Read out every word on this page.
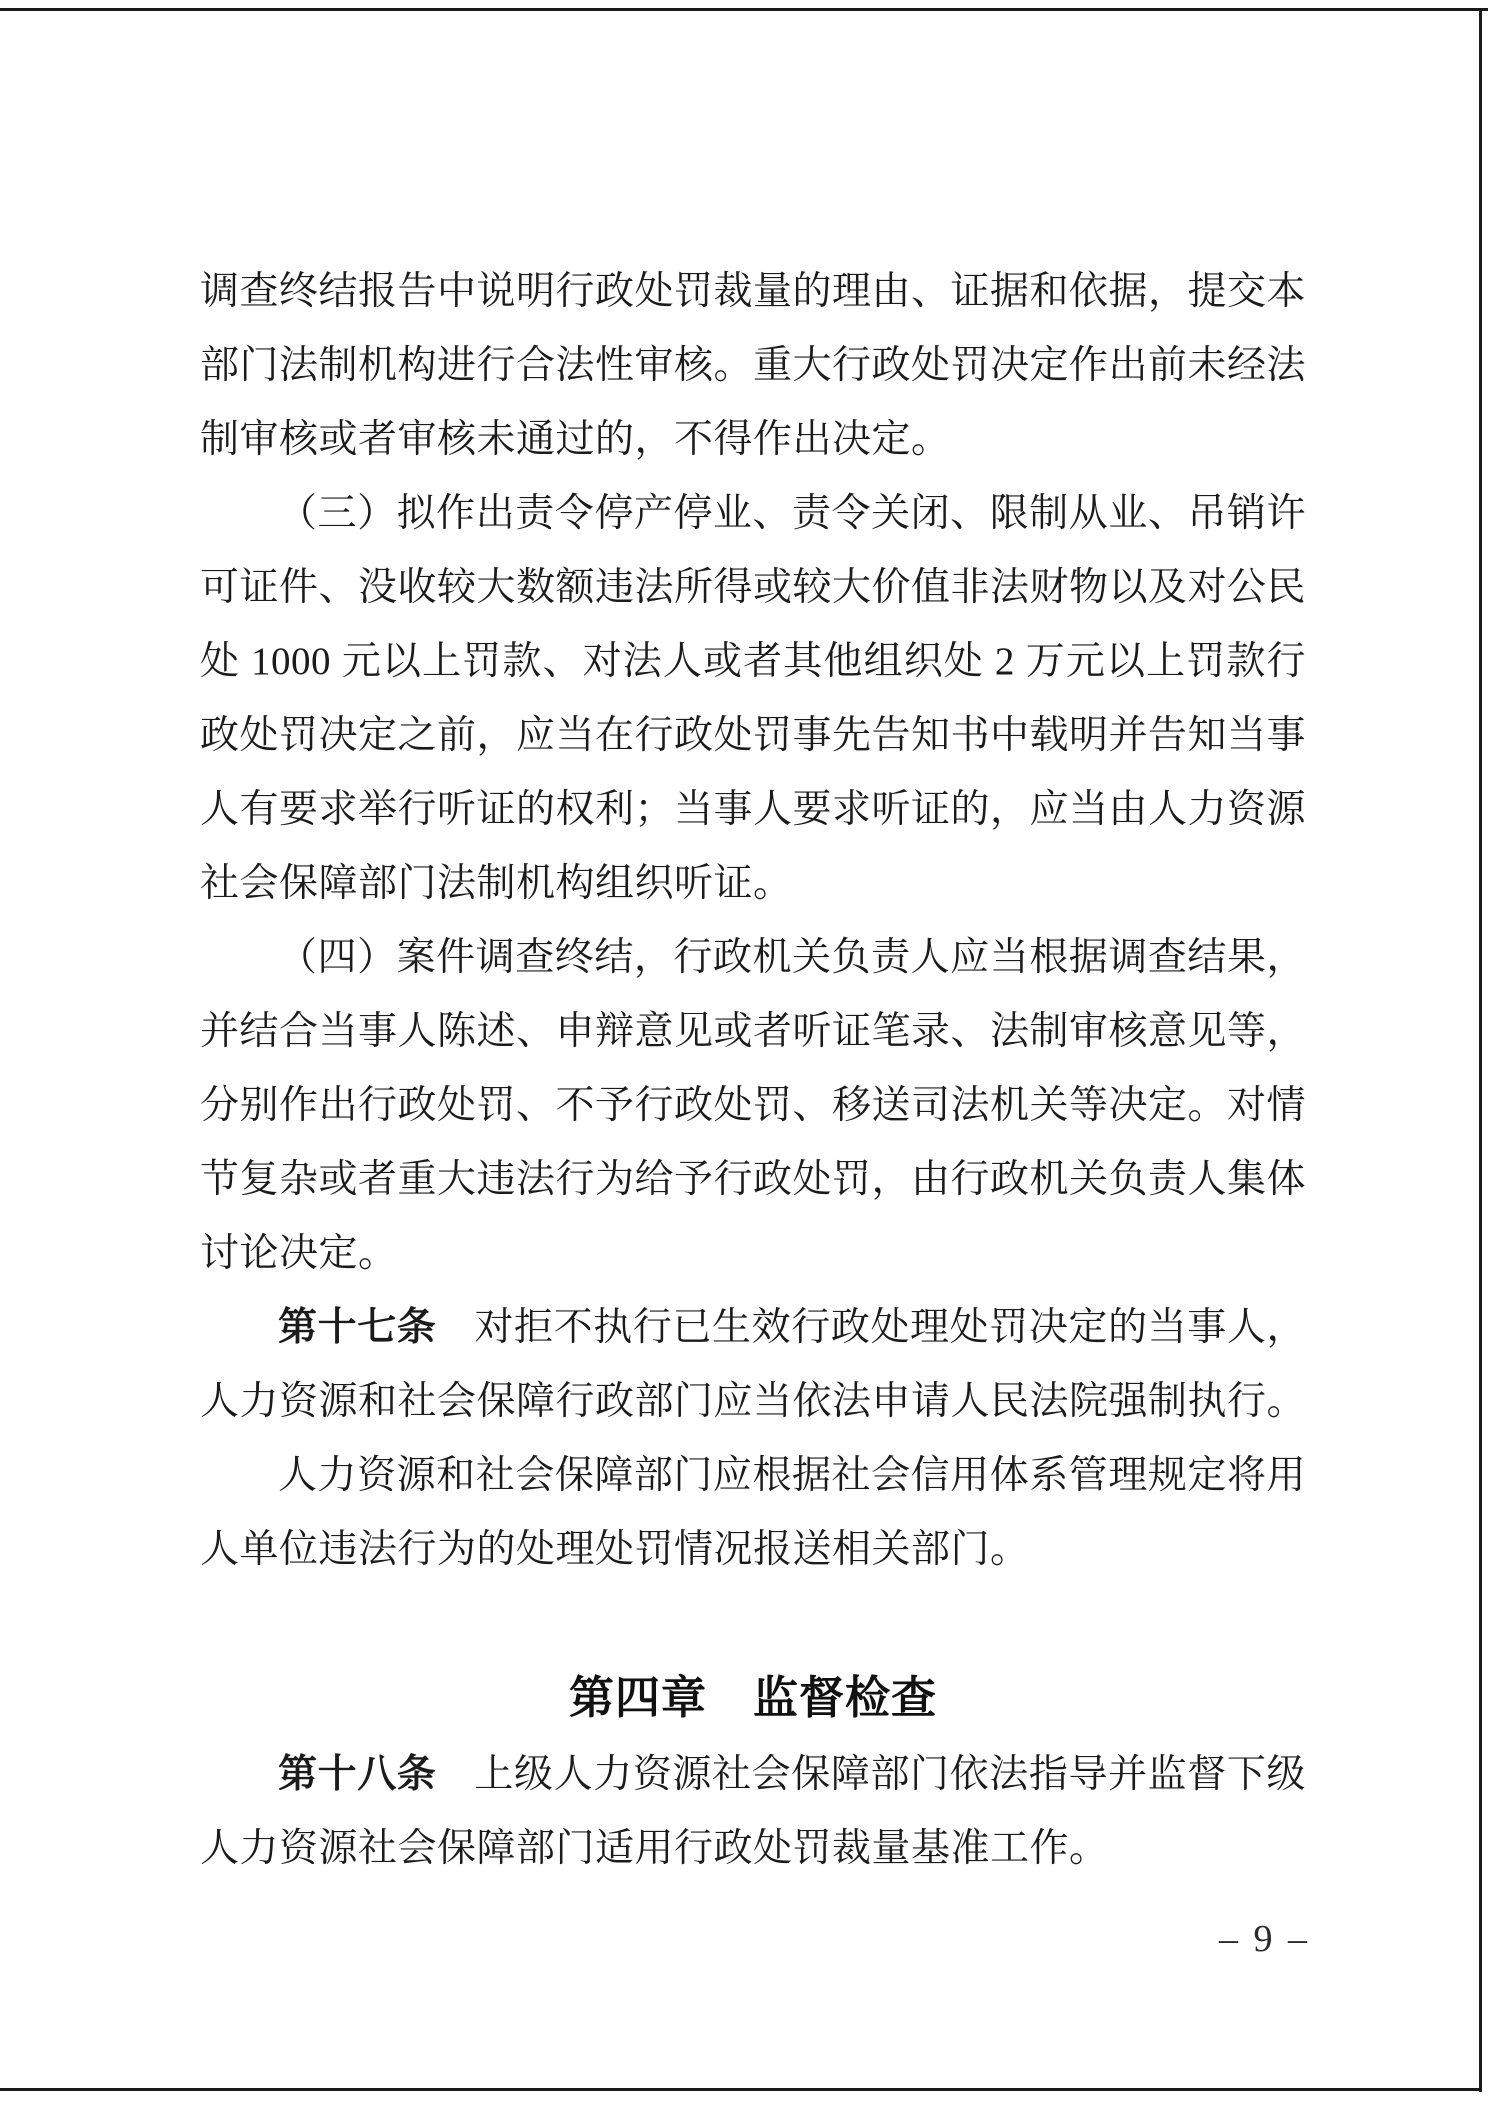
调查终结报告中说明行政处罚裁量的理由、证据和依据，提交本部门法制机构进行合法性审核。重大行政处罚决定作出前未经法制审核或者审核未通过的，不得作出决定。

（三）拟作出责令停产停业、责令关闭、限制从业、吊销许可证件、没收较大数额违法所得或较大价值非法财物以及对公民处 1000 元以上罚款、对法人或者其他组织处 2 万元以上罚款行政处罚决定之前，应当在行政处罚事先告知书中载明并告知当事人有要求举行听证的权利；当事人要求听证的，应当由人力资源社会保障部门法制机构组织听证。

（四）案件调查终结，行政机关负责人应当根据调查结果，并结合当事人陈述、申辩意见或者听证笔录、法制审核意见等，分别作出行政处罚、不予行政处罚、移送司法机关等决定。对情节复杂或者重大违法行为给予行政处罚，由行政机关负责人集体讨论决定。

第十七条 对拒不执行已生效行政处理处罚决定的当事人，人力资源和社会保障行政部门应当依法申请人民法院强制执行。

人力资源和社会保障部门应根据社会信用体系管理规定将用人单位违法行为的处理处罚情况报送相关部门。

第四章　监督检查

第十八条 上级人力资源社会保障部门依法指导并监督下级人力资源社会保障部门适用行政处罚裁量基准工作。

– 9 –
